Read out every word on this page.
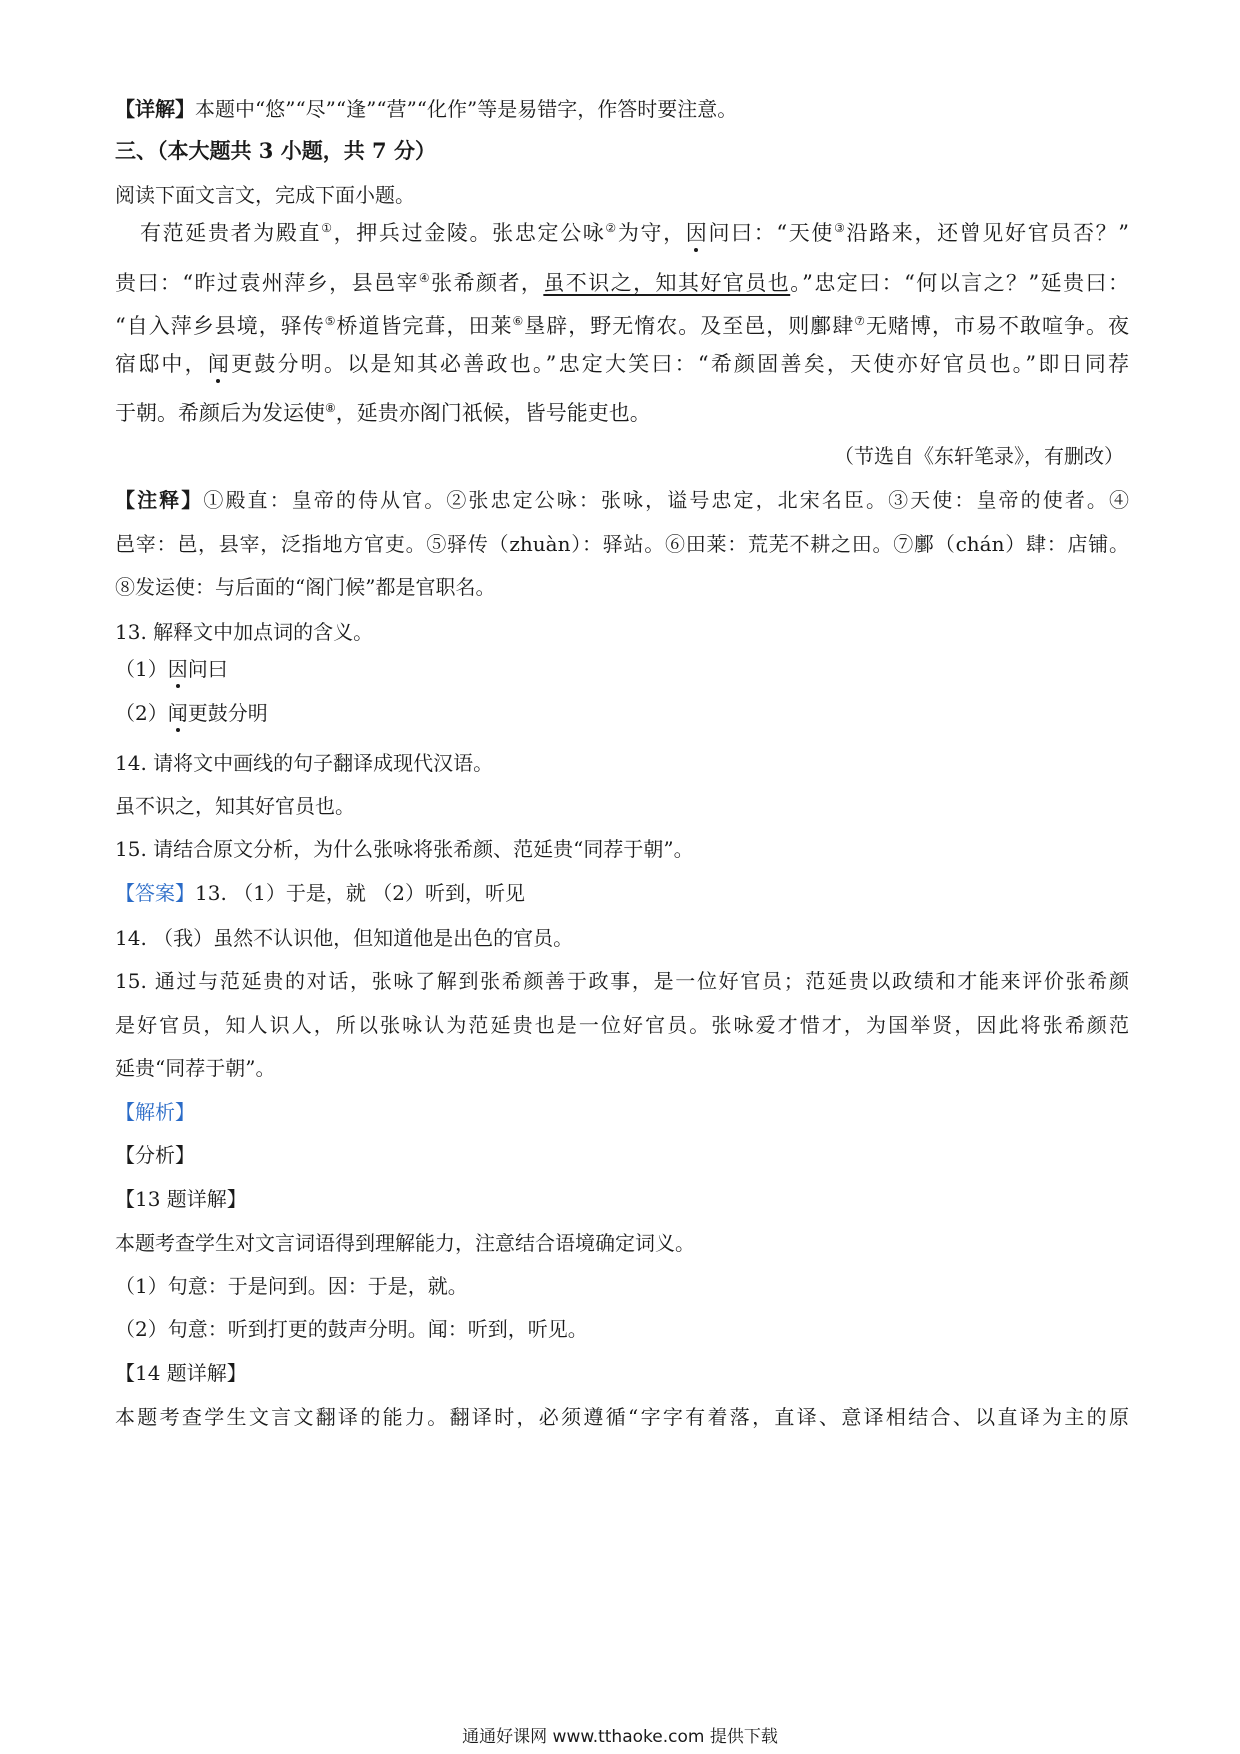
【详解】本题中“悠”“尽”“逢”“营”“化作”等是易错字，作答时要注意。
三、（本大题共 3 小题，共 7 分）
阅读下面文言文，完成下面小题。
有范延贵者为殿直①，押兵过金陵。张忠定公咏②为守，因问曰：“天使③沿路来，还曾见好官员否？”
贵曰：“昨过袁州萍乡，县邑宰④张希颜者，虽不识之，知其好官员也。”忠定曰：“何以言之？”延贵曰：
“自入萍乡县境，驿传⑤桥道皆完葺，田莱⑥垦辟，野无惰农。及至邑，则鄽肆⑦无赌博，市易不敢喧争。夜
宿邸中，闻更鼓分明。以是知其必善政也。”忠定大笑曰：“希颜固善矣，天使亦好官员也。”即日同荐
于朝。希颜后为发运使⑧，延贵亦阁门祇候，皆号能吏也。
（节选自《东轩笔录》，有删改）
【注释】①殿直：皇帝的侍从官。②张忠定公咏：张咏，谥号忠定，北宋名臣。③天使：皇帝的使者。④
邑宰：邑，县宰，泛指地方官吏。⑤驿传（zhuàn）：驿站。⑥田莱：荒芜不耕之田。⑦鄽（chán）肆：店铺。
⑧发运使：与后面的“阁门候”都是官职名。
13. 解释文中加点词的含义。
（1）因问曰
（2）闻更鼓分明
14. 请将文中画线的句子翻译成现代汉语。
虽不识之，知其好官员也。
15. 请结合原文分析，为什么张咏将张希颜、范延贵“同荐于朝”。
【答案】13. （1）于是，就 （2）听到，听见
14. （我）虽然不认识他，但知道他是出色的官员。
15. 通过与范延贵的对话，张咏了解到张希颜善于政事，是一位好官员；范延贵以政绩和才能来评价张希颜
是好官员，知人识人，所以张咏认为范延贵也是一位好官员。张咏爱才惜才，为国举贤，因此将张希颜范
延贵“同荐于朝”。
【解析】
【分析】
【13 题详解】
本题考查学生对文言词语得到理解能力，注意结合语境确定词义。
（1）句意：于是问到。因：于是，就。
（2）句意：听到打更的鼓声分明。闻：听到，听见。
【14 题详解】
本题考查学生文言文翻译的能力。翻译时，必须遵循“字字有着落，直译、意译相结合、以直译为主的原
通通好课网 www.tthaoke.com 提供下载
